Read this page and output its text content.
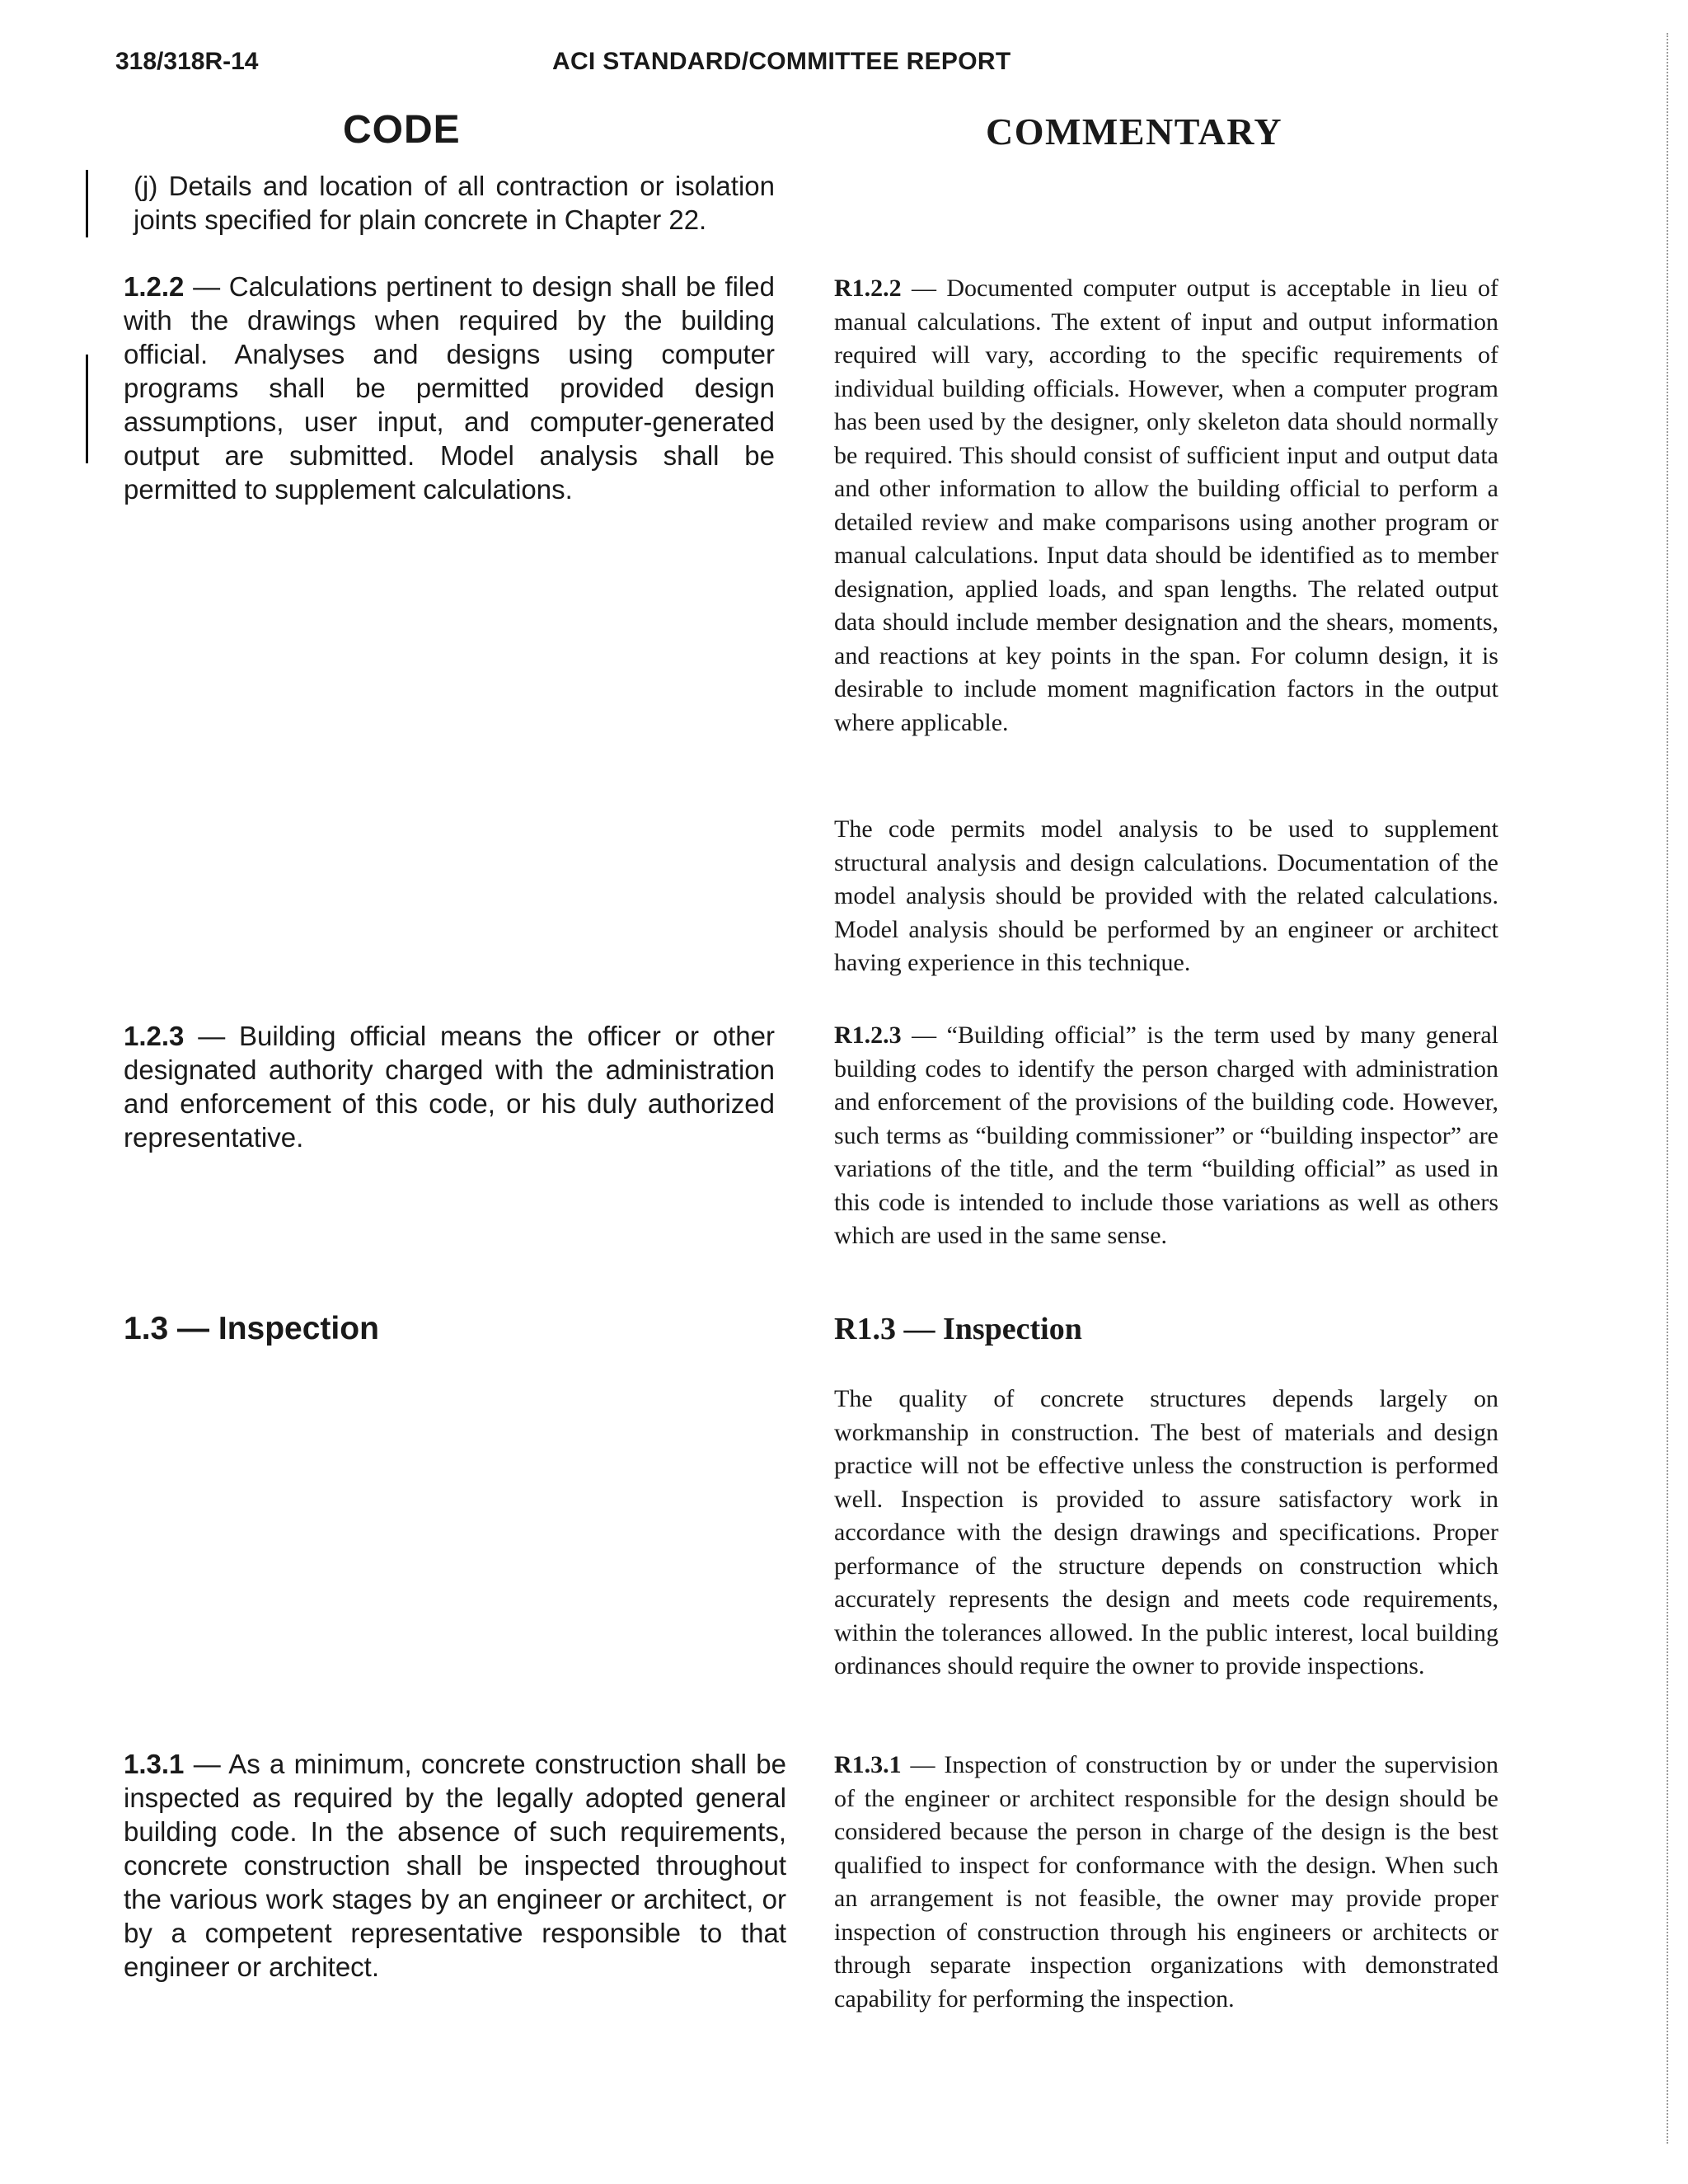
318/318R-14	ACI STANDARD/COMMITTEE REPORT
CODE	COMMENTARY
(j) Details and location of all contraction or isolation joints specified for plain concrete in Chapter 22.
1.2.2 — Calculations pertinent to design shall be filed with the drawings when required by the building official. Analyses and designs using computer programs shall be permitted provided design assumptions, user input, and computer-generated output are submitted. Model analysis shall be permitted to supplement calculations.
1.2.3 — Building official means the officer or other designated authority charged with the administration and enforcement of this code, or his duly authorized representative.
1.3 — Inspection
1.3.1 — As a minimum, concrete construction shall be inspected as required by the legally adopted general building code. In the absence of such requirements, concrete construction shall be inspected throughout the various work stages by an engineer or architect, or by a competent representative responsible to that engineer or architect.
R1.2.2 — Documented computer output is acceptable in lieu of manual calculations. The extent of input and output information required will vary, according to the specific requirements of individual building officials. However, when a computer program has been used by the designer, only skeleton data should normally be required. This should consist of sufficient input and output data and other information to allow the building official to perform a detailed review and make comparisons using another program or manual calculations. Input data should be identified as to member designation, applied loads, and span lengths. The related output data should include member designation and the shears, moments, and reactions at key points in the span. For column design, it is desirable to include moment magnification factors in the output where applicable.
The code permits model analysis to be used to supplement structural analysis and design calculations. Documentation of the model analysis should be provided with the related calculations. Model analysis should be performed by an engineer or architect having experience in this technique.
R1.2.3 — “Building official” is the term used by many general building codes to identify the person charged with administration and enforcement of the provisions of the building code. However, such terms as “building commissioner” or “building inspector” are variations of the title, and the term “building official” as used in this code is intended to include those variations as well as others which are used in the same sense.
R1.3 — Inspection
The quality of concrete structures depends largely on workmanship in construction. The best of materials and design practice will not be effective unless the construction is performed well. Inspection is provided to assure satisfactory work in accordance with the design drawings and specifications. Proper performance of the structure depends on construction which accurately represents the design and meets code requirements, within the tolerances allowed. In the public interest, local building ordinances should require the owner to provide inspections.
R1.3.1 — Inspection of construction by or under the supervision of the engineer or architect responsible for the design should be considered because the person in charge of the design is the best qualified to inspect for conformance with the design. When such an arrangement is not feasible, the owner may provide proper inspection of construction through his engineers or architects or through separate inspection organizations with demonstrated capability for performing the inspection.
